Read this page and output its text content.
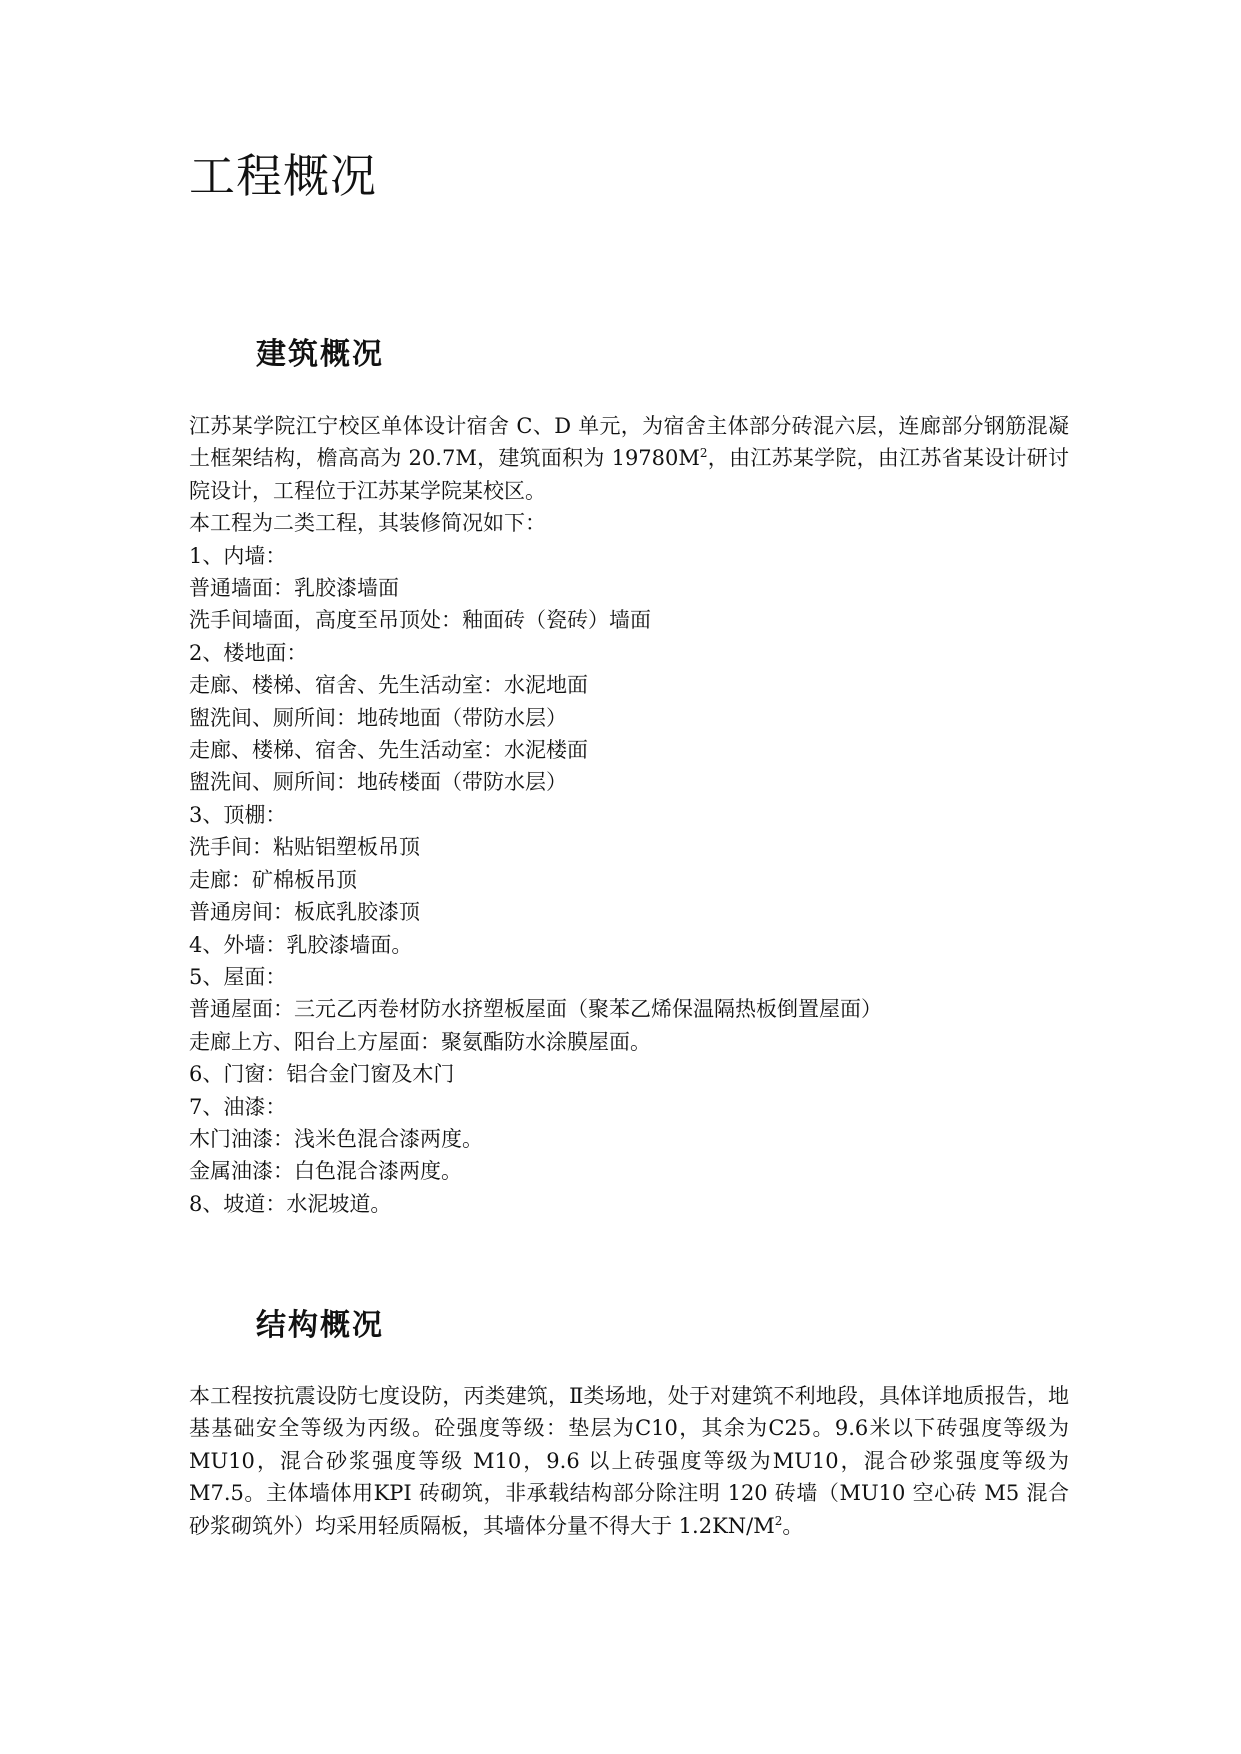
工程概况
建筑概况

江苏某学院江宁校区单体设计宿舍 C、D 单元，为宿舍主体部分砖混六层，连廊部分钢筋混凝土框架结构，檐高高为 20.7M，建筑面积为 $19780M^2$，由江苏某学院，由江苏省某设计研讨院设计，工程位于江苏某学院某校区。

本工程为二类工程，其装修简况如下：
1、内墙：
普通墙面：乳胶漆墙面
洗手间墙面，高度至吊顶处：釉面砖（瓷砖）墙面
2、楼地面：
走廊、楼梯、宿舍、先生活动室：水泥地面
盥洗间、厕所间：地砖地面（带防水层）
走廊、楼梯、宿舍、先生活动室：水泥楼面
盥洗间、厕所间：地砖楼面（带防水层）
3、顶棚：
洗手间：粘贴铝塑板吊顶
走廊：矿棉板吊顶
普通房间：板底乳胶漆顶
4、外墙：乳胶漆墙面。
5、屋面：
普通屋面：三元乙丙卷材防水挤塑板屋面（聚苯乙烯保温隔热板倒置屋面）
走廊上方、阳台上方屋面：聚氨酯防水涂膜屋面。
6、门窗：铝合金门窗及木门
7、油漆：
木门油漆：浅米色混合漆两度。
金属油漆：白色混合漆两度。
8、坡道：水泥坡道。
结构概况

本工程按抗震设防七度设防，丙类建筑，Ⅱ类场地，处于对建筑不利地段，具体详地质报告，地基基础安全等级为丙级。砼强度等级：垫层为C10，其余为C25。9.6米以下砖强度等级为 MU10，混合砂浆强度等级 M10，9.6 以上砖强度等级为MU10，混合砂浆强度等级为M7.5。主体墙体用KPI 砖砌筑，非承载结构部分除注明 120 砖墙（MU10 空心砖 M5 混合砂浆砌筑外）均采用轻质隔板，其墙体分量不得大于 $1.2KN/M^2$。
